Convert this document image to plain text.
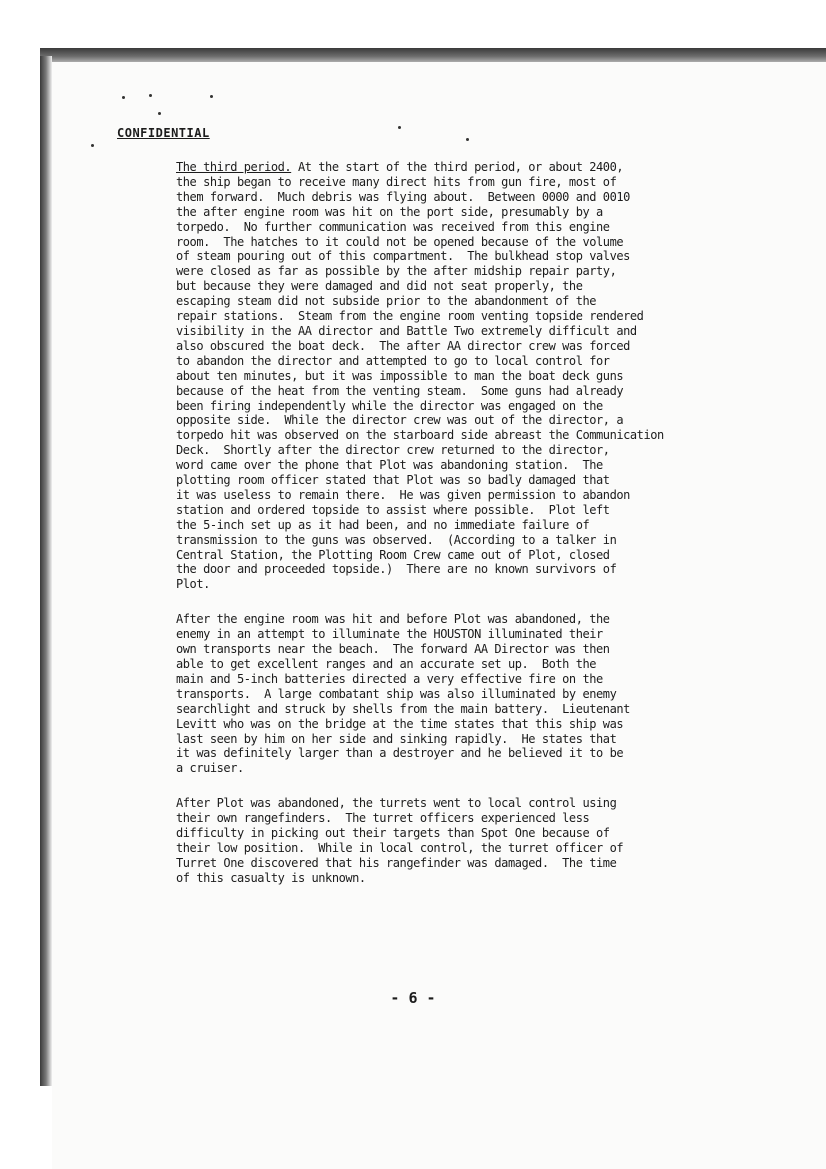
CONFIDENTIAL
The third period. At the start of the third period, or about 2400,
the ship began to receive many direct hits from gun fire, most of
them forward.  Much debris was flying about.  Between 0000 and 0010
the after engine room was hit on the port side, presumably by a
torpedo.  No further communication was received from this engine
room.  The hatches to it could not be opened because of the volume
of steam pouring out of this compartment.  The bulkhead stop valves
were closed as far as possible by the after midship repair party,
but because they were damaged and did not seat properly, the
escaping steam did not subside prior to the abandonment of the
repair stations.  Steam from the engine room venting topside rendered
visibility in the AA director and Battle Two extremely difficult and
also obscured the boat deck.  The after AA director crew was forced
to abandon the director and attempted to go to local control for
about ten minutes, but it was impossible to man the boat deck guns
because of the heat from the venting steam.  Some guns had already
been firing independently while the director was engaged on the
opposite side.  While the director crew was out of the director, a
torpedo hit was observed on the starboard side abreast the Communication
Deck.  Shortly after the director crew returned to the director,
word came over the phone that Plot was abandoning station.  The
plotting room officer stated that Plot was so badly damaged that
it was useless to remain there.  He was given permission to abandon
station and ordered topside to assist where possible.  Plot left
the 5-inch set up as it had been, and no immediate failure of
transmission to the guns was observed.  (According to a talker in
Central Station, the Plotting Room Crew came out of Plot, closed
the door and proceeded topside.)  There are no known survivors of
Plot.
After the engine room was hit and before Plot was abandoned, the
enemy in an attempt to illuminate the HOUSTON illuminated their
own transports near the beach.  The forward AA Director was then
able to get excellent ranges and an accurate set up.  Both the
main and 5-inch batteries directed a very effective fire on the
transports.  A large combatant ship was also illuminated by enemy
searchlight and struck by shells from the main battery.  Lieutenant
Levitt who was on the bridge at the time states that this ship was
last seen by him on her side and sinking rapidly.  He states that
it was definitely larger than a destroyer and he believed it to be
a cruiser.
After Plot was abandoned, the turrets went to local control using
their own rangefinders.  The turret officers experienced less
difficulty in picking out their targets than Spot One because of
their low position.  While in local control, the turret officer of
Turret One discovered that his rangefinder was damaged.  The time
of this casualty is unknown.
- 6 -
